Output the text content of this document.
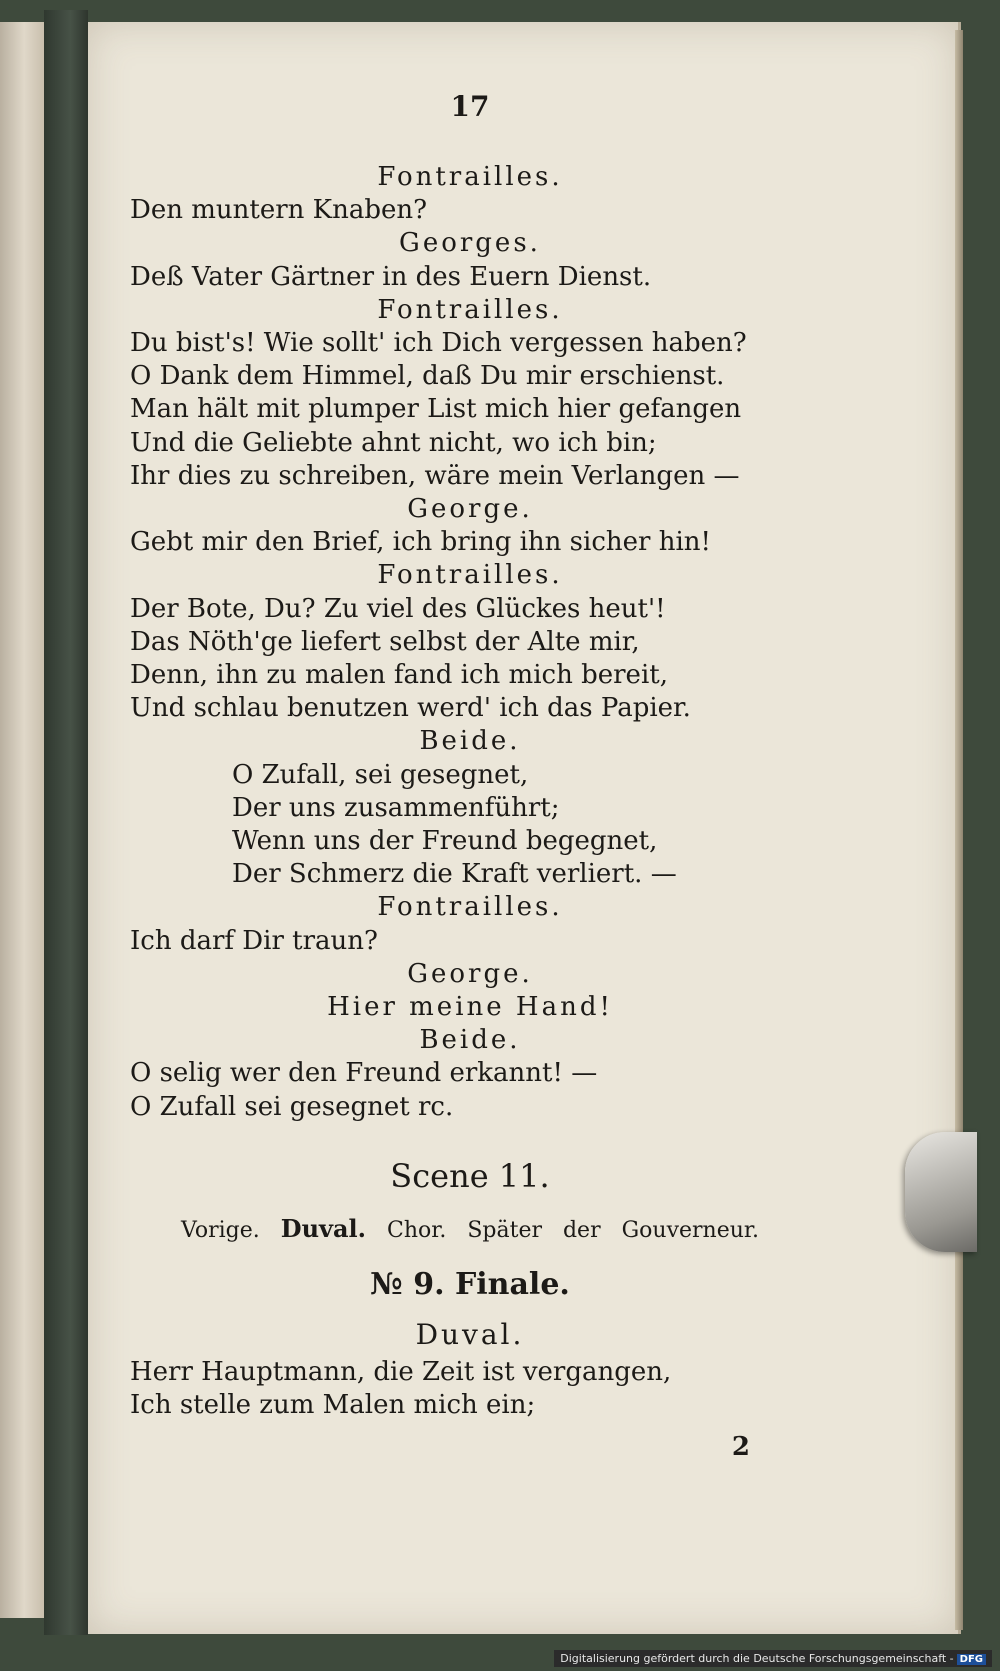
17
Fontrailles.
Den muntern Knaben?
Georges.
Deß Vater Gärtner in des Euern Dienst.
Fontrailles.
Du bist's! Wie sollt' ich Dich vergessen haben?
O Dank dem Himmel, daß Du mir erschienst.
Man hält mit plumper List mich hier gefangen
Und die Geliebte ahnt nicht, wo ich bin;
Ihr dies zu schreiben, wäre mein Verlangen —
George.
Gebt mir den Brief, ich bring ihn sicher hin!
Fontrailles.
Der Bote, Du? Zu viel des Glückes heut'!
Das Nöth'ge liefert selbst der Alte mir,
Denn, ihn zu malen fand ich mich bereit,
Und schlau benutzen werd' ich das Papier.
Beide.
O Zufall, sei gesegnet,
Der uns zusammenführt;
Wenn uns der Freund begegnet,
Der Schmerz die Kraft verliert. —
Fontrailles.
Ich darf Dir traun?
George.
Hier meine Hand!
Beide.
O selig wer den Freund erkannt! —
O Zufall sei gesegnet rc.
Scene 11.
Vorige. Duval. Chor. Später der Gouverneur.
№ 9. Finale.
Duval.
Herr Hauptmann, die Zeit ist vergangen,
Ich stelle zum Malen mich ein;
2
Digitalisierung gefördert durch die Deutsche Forschungsgemeinschaft - DFG
